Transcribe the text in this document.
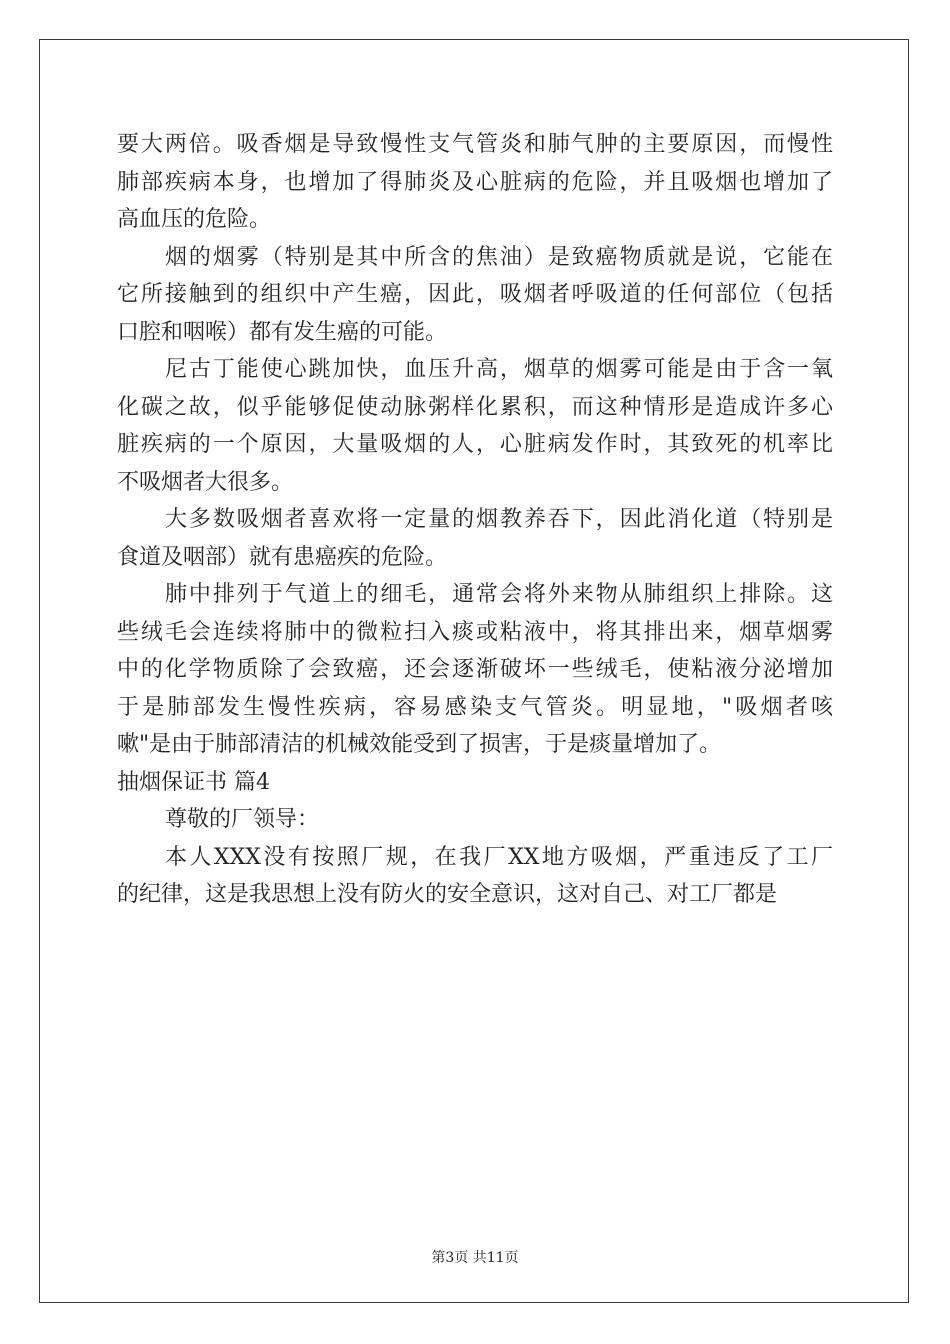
要大两倍。吸香烟是导致慢性支气管炎和肺气肿的主要原因，而慢性
肺部疾病本身，也增加了得肺炎及心脏病的危险，并且吸烟也增加了
高血压的危险。
烟的烟雾（特别是其中所含的焦油）是致癌物质就是说，它能在
它所接触到的组织中产生癌，因此，吸烟者呼吸道的任何部位（包括
口腔和咽喉）都有发生癌的可能。
尼古丁能使心跳加快，血压升高，烟草的烟雾可能是由于含一氧
化碳之故，似乎能够促使动脉粥样化累积，而这种情形是造成许多心
脏疾病的一个原因，大量吸烟的人，心脏病发作时，其致死的机率比
不吸烟者大很多。
大多数吸烟者喜欢将一定量的烟教养吞下，因此消化道（特别是
食道及咽部）就有患癌疾的危险。
肺中排列于气道上的细毛，通常会将外来物从肺组织上排除。这
些绒毛会连续将肺中的微粒扫入痰或粘液中，将其排出来，烟草烟雾
中的化学物质除了会致癌，还会逐渐破坏一些绒毛，使粘液分泌增加
于是肺部发生慢性疾病，容易感染支气管炎。明显地，"吸烟者咳
嗽"是由于肺部清洁的机械效能受到了损害，于是痰量增加了。
抽烟保证书 篇4
尊敬的厂领导：
本人XXX没有按照厂规，在我厂XX地方吸烟，严重违反了工厂
的纪律，这是我思想上没有防火的安全意识，这对自己、对工厂都是
第3页 共11页
